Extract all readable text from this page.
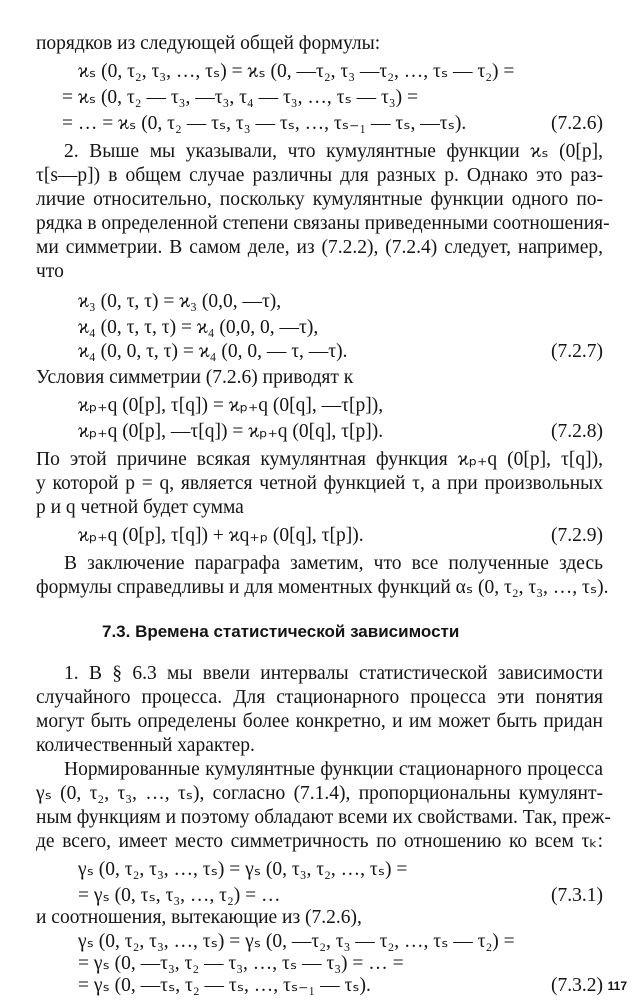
порядков из следующей общей формулы:
ϰₛ (0, τ₂, τ₃, …, τₛ) = ϰₛ (0, —τ₂, τ₃ —τ₂, …, τₛ — τ₂) =
= ϰₛ (0, τ₂ — τ₃, —τ₃, τ₄ — τ₃, …, τₛ — τ₃) =
= … = ϰₛ (0, τ₂ — τₛ, τ₃ — τₛ, …, τₛ₋₁ — τₛ, —τₛ).	(7.2.6)
2. Выше мы указывали, что кумулянтные функции ϰₛ (0[p],
τ[s—p]) в общем случае различны для разных p. Однако это раз-
личие относительно, поскольку кумулянтные функции одного по-
рядка в определенной степени связаны приведенными соотношения-
ми симметрии. В самом деле, из (7.2.2), (7.2.4) следует, например,
что
ϰ₃ (0, τ, τ) = ϰ₃ (0,0, —τ),
ϰ₄ (0, τ, τ, τ) = ϰ₄ (0,0, 0, —τ),
ϰ₄ (0, 0, τ, τ) = ϰ₄ (0, 0, — τ, —τ).	(7.2.7)
Условия симметрии (7.2.6) приводят к
ϰₚ₊q (0[p], τ[q]) = ϰₚ₊q (0[q], —τ[p]),
ϰₚ₊q (0[p], —τ[q]) = ϰₚ₊q (0[q], τ[p]).	(7.2.8)
По этой причине всякая кумулянтная функция ϰₚ₊q (0[p], τ[q]),
у которой p = q, является четной функцией τ, а при произвольных
p и q четной будет сумма
ϰₚ₊q (0[p], τ[q]) + ϰq₊ₚ (0[q], τ[p]).	(7.2.9)
В заключение параграфа заметим, что все полученные здесь
формулы справедливы и для моментных функций αₛ (0, τ₂, τ₃, …, τₛ).
7.3. Времена статистической зависимости
1. В § 6.3 мы ввели интервалы статистической зависимости
случайного процесса. Для стационарного процесса эти понятия
могут быть определены более конкретно, и им может быть придан
количественный характер.
Нормированные кумулянтные функции стационарного процесса
γₛ (0, τ₂, τ₃, …, τₛ), согласно (7.1.4), пропорциональны кумулянт-
ным функциям и поэтому обладают всеми их свойствами. Так, преж-
де всего, имеет место симметричность по отношению ко всем τₖ:
γₛ (0, τ₂, τ₃, …, τₛ) = γₛ (0, τ₃, τ₂, …, τₛ) =
= γₛ (0, τₛ, τ₃, …, τ₂) = …	(7.3.1)
и соотношения, вытекающие из (7.2.6),
γₛ (0, τ₂, τ₃, …, τₛ) = γₛ (0, —τ₂, τ₃ — τ₂, …, τₛ — τ₂) =
= γₛ (0, —τ₃, τ₂ — τ₃, …, τₛ — τ₃) = … =
= γₛ (0, —τₛ, τ₂ — τₛ, …, τₛ₋₁ — τₛ).	(7.3.2) 117
